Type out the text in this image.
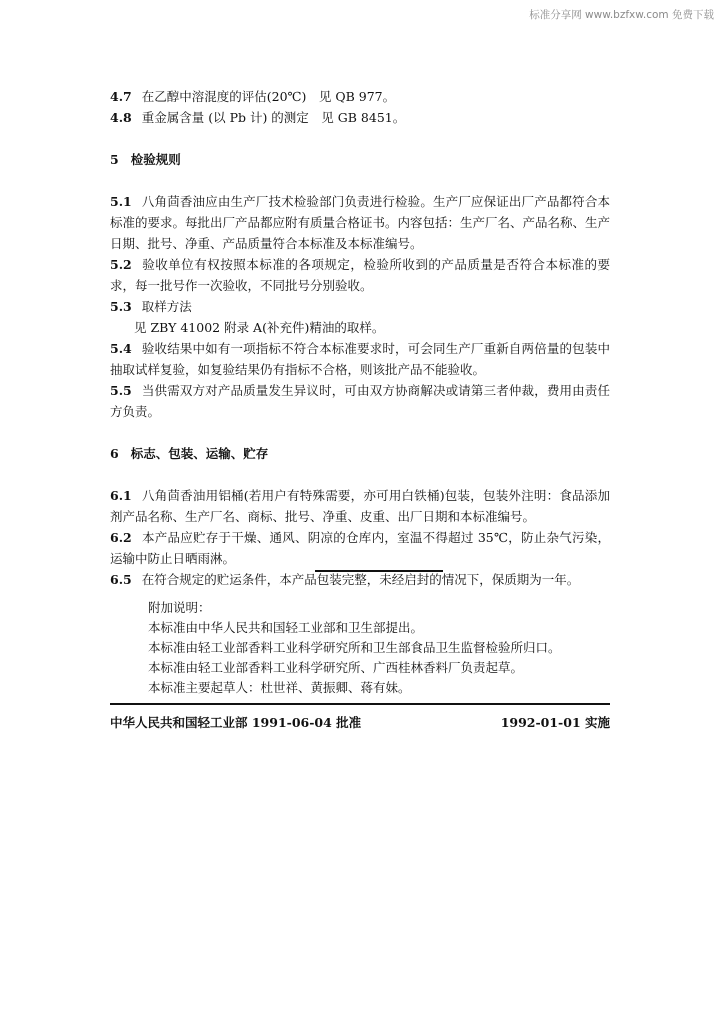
标准分享网 www.bzfxw.com 免费下载

4.7 在乙醇中溶混度的评估(20℃)　见 QB 977。

4.8 重金属含量 (以 Pb 计) 的测定　见 GB 8451。

5 检验规则

5.1 八角茴香油应由生产厂技术检验部门负责进行检验。生产厂应保证出厂产品都符合本标准的要求。每批出厂产品都应附有质量合格证书。内容包括：生产厂名、产品名称、生产日期、批号、净重、产品质量符合本标准及本标准编号。

5.2 验收单位有权按照本标准的各项规定，检验所收到的产品质量是否符合本标准的要求，每一批号作一次验收，不同批号分别验收。

5.3 取样方法

见 ZBY 41002 附录 A(补充件)精油的取样。

5.4 验收结果中如有一项指标不符合本标准要求时，可会同生产厂重新自两倍量的包装中抽取试样复验，如复验结果仍有指标不合格，则该批产品不能验收。

5.5 当供需双方对产品质量发生异议时，可由双方协商解决或请第三者仲裁，费用由责任方负责。

6 标志、包装、运输、贮存

6.1 八角茴香油用铝桶(若用户有特殊需要，亦可用白铁桶)包装，包装外注明：食品添加剂产品名称、生产厂名、商标、批号、净重、皮重、出厂日期和本标准编号。

6.2 本产品应贮存于干燥、通风、阴凉的仓库内，室温不得超过 35℃，防止杂气污染，运输中防止日晒雨淋。

6.5 在符合规定的贮运条件，本产品包装完整，未经启封的情况下，保质期为一年。

附加说明：
本标准由中华人民共和国轻工业部和卫生部提出。
本标准由轻工业部香料工业科学研究所和卫生部食品卫生监督检验所归口。
本标准由轻工业部香料工业科学研究所、广西桂林香料厂负责起草。
本标准主要起草人：杜世祥、黄振卿、蒋有妹。
中华人民共和国轻工业部 1991-06-04 批准	1992-01-01 实施
